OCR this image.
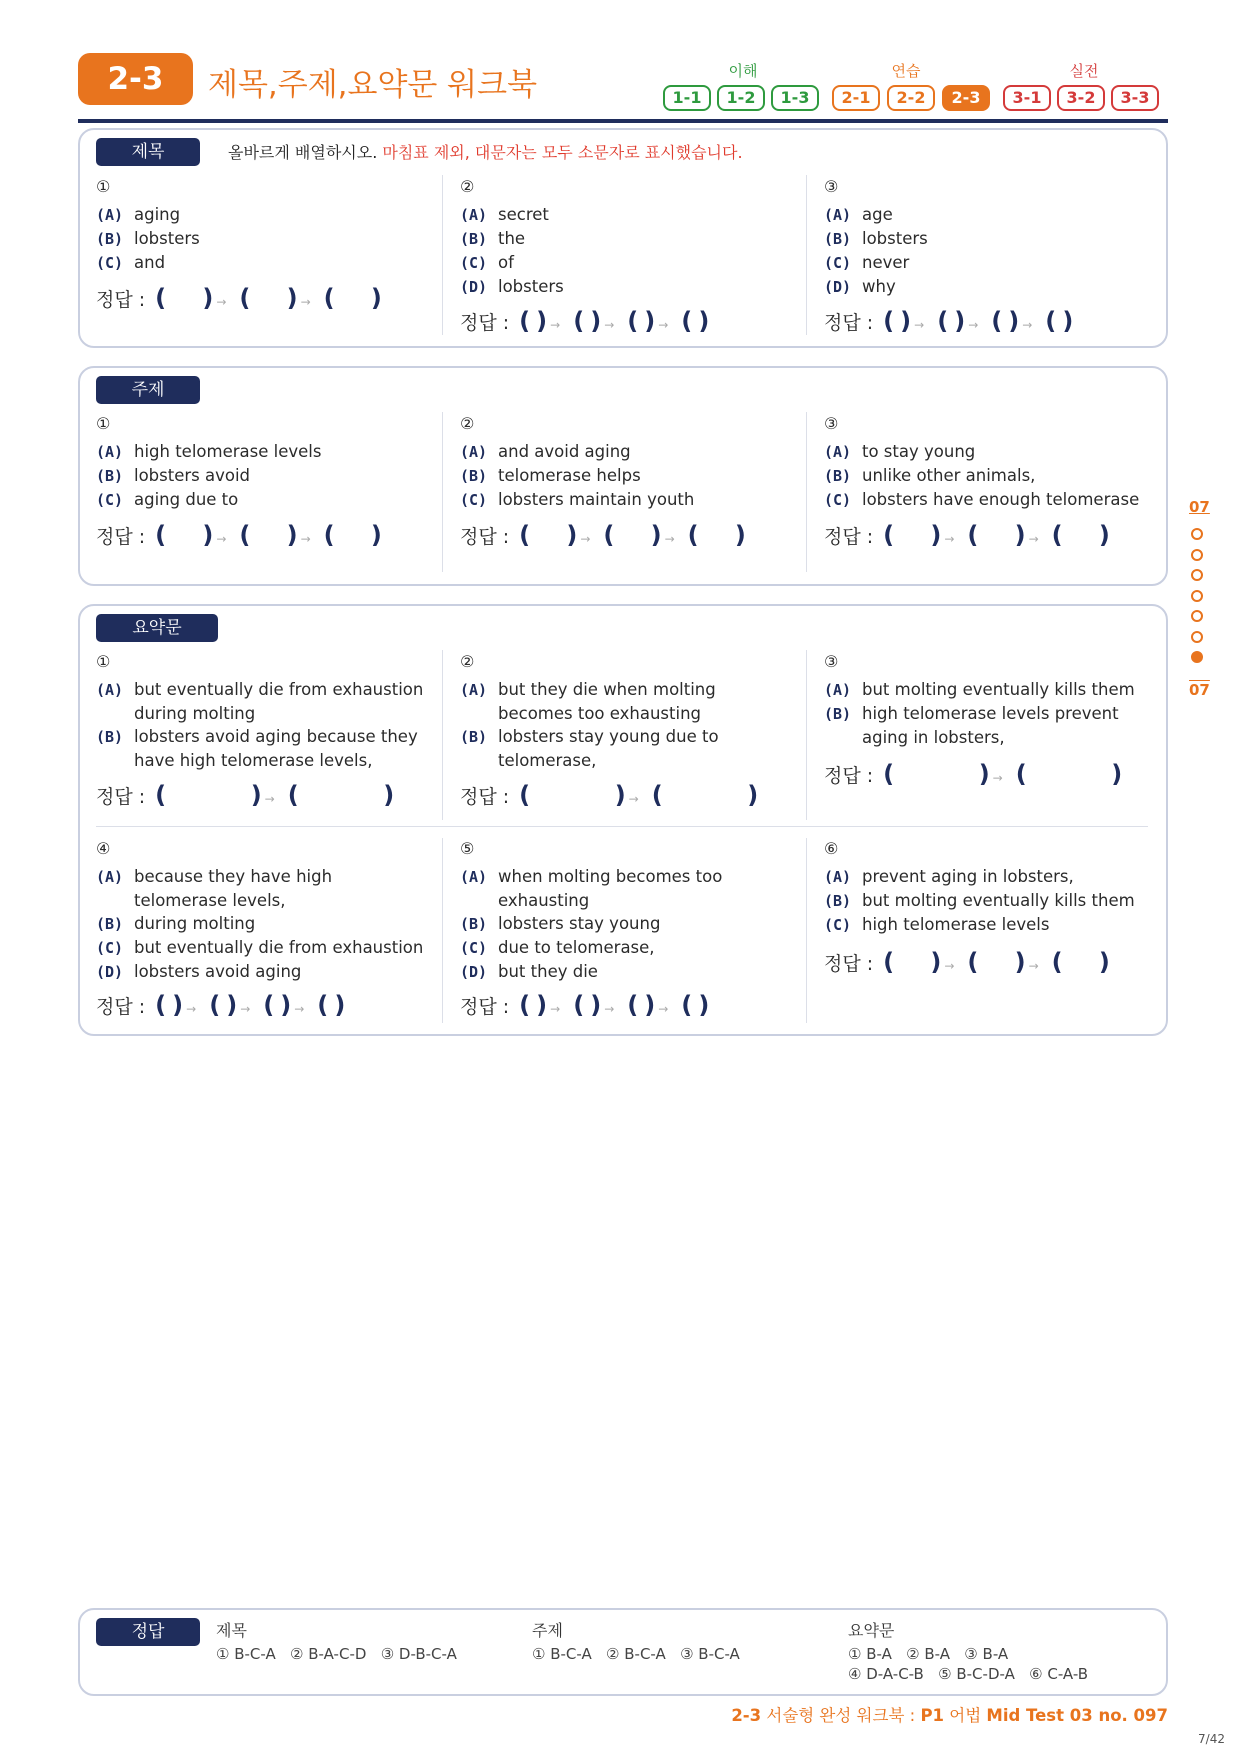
2-3	제목,주제,요약문 워크북	이해	연습	실전
1-1	1-2	1-3	2-1	2-2	2-3	3-1	3-2	3-3
제목	올바르게 배열하시오. 마침표 제외, 대문자는 모두 소문자로 표시했습니다.
①
(A) aging
(B) lobsters
(C) and
정답 : ( ) → ( ) → ( )
②
(A) secret
(B) the
(C) of
(D) lobsters
정답 : ( ) → ( ) → ( ) → ( )
③
(A) age
(B) lobsters
(C) never
(D) why
정답 : ( ) → ( ) → ( ) → ( )
주제
①
(A) high telomerase levels
(B) lobsters avoid
(C) aging due to
정답 : ( ) → ( ) → ( )
②
(A) and avoid aging
(B) telomerase helps
(C) lobsters maintain youth
정답 : ( ) → ( ) → ( )
③
(A) to stay young
(B) unlike other animals,
(C) lobsters have enough telomerase
정답 : ( ) → ( ) → ( )
요약문
①
(A) but eventually die from exhaustion during molting
(B) lobsters avoid aging because they have high telomerase levels,
정답 : (	) → (	)
②
(A) but they die when molting becomes too exhausting
(B) lobsters stay young due to telomerase,
정답 : (	) → (	)
③
(A) but molting eventually kills them
(B) high telomerase levels prevent aging in lobsters,
정답 : (	) → (	)
④
(A) because they have high telomerase levels,
(B) during molting
(C) but eventually die from exhaustion
(D) lobsters avoid aging
정답 : ( ) → ( ) → ( ) → ( )
⑤
(A) when molting becomes too exhausting
(B) lobsters stay young
(C) due to telomerase,
(D) but they die
정답 : ( ) → ( ) → ( ) → ( )
⑥
(A) prevent aging in lobsters,
(B) but molting eventually kills them
(C) high telomerase levels
정답 : ( ) → ( ) → ( )
07
07
정답	제목
① B-C-A   ② B-A-C-D   ③ D-B-C-A
주제
① B-C-A   ② B-C-A   ③ B-C-A
요약문
① B-A   ② B-A   ③ B-A
④ D-A-C-B   ⑤ B-C-D-A   ⑥ C-A-B
2-3 서술형 완성 워크북 : P1 어법 Mid Test 03 no. 097
7/42
